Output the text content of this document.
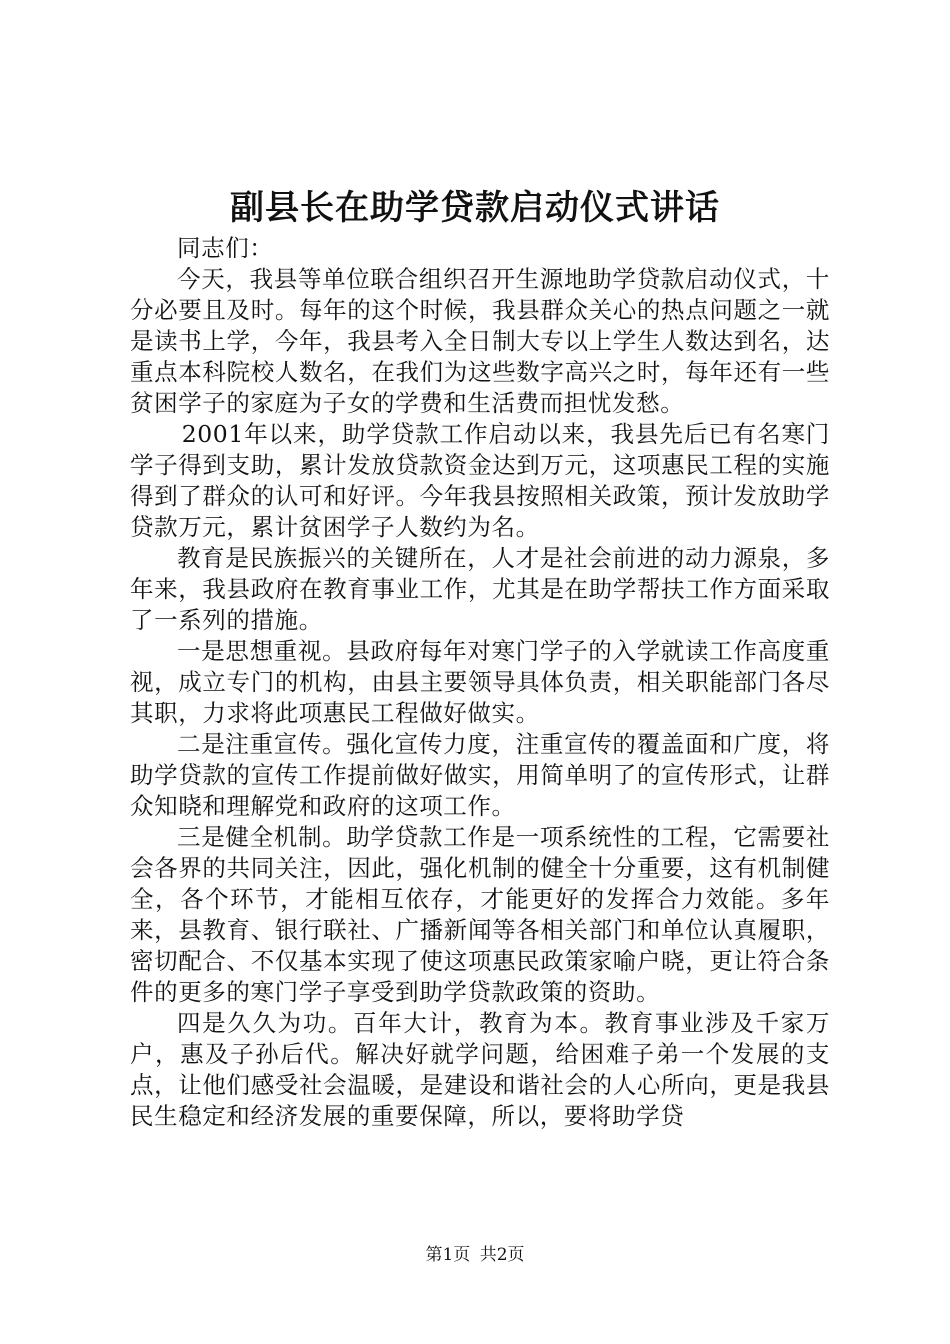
副县长在助学贷款启动仪式讲话

同志们：

今天，我县等单位联合组织召开生源地助学贷款启动仪式，十分必要且及时。每年的这个时候，我县群众关心的热点问题之一就是读书上学，今年，我县考入全日制大专以上学生人数达到名，达重点本科院校人数名，在我们为这些数字高兴之时，每年还有一些贫困学子的家庭为子女的学费和生活费而担忧发愁。

2001年以来，助学贷款工作启动以来，我县先后已有名寒门学子得到支助，累计发放贷款资金达到万元，这项惠民工程的实施得到了群众的认可和好评。今年我县按照相关政策，预计发放助学贷款万元，累计贫困学子人数约为名。

教育是民族振兴的关键所在，人才是社会前进的动力源泉，多年来，我县政府在教育事业工作，尤其是在助学帮扶工作方面采取了一系列的措施。

一是思想重视。县政府每年对寒门学子的入学就读工作高度重视，成立专门的机构，由县主要领导具体负责，相关职能部门各尽其职，力求将此项惠民工程做好做实。

二是注重宣传。强化宣传力度，注重宣传的覆盖面和广度，将助学贷款的宣传工作提前做好做实，用简单明了的宣传形式，让群众知晓和理解党和政府的这项工作。

三是健全机制。助学贷款工作是一项系统性的工程，它需要社会各界的共同关注，因此，强化机制的健全十分重要，这有机制健全，各个环节，才能相互依存，才能更好的发挥合力效能。多年来，县教育、银行联社、广播新闻等各相关部门和单位认真履职，密切配合、不仅基本实现了使这项惠民政策家喻户晓，更让符合条件的更多的寒门学子享受到助学贷款政策的资助。

四是久久为功。百年大计，教育为本。教育事业涉及千家万户，惠及子孙后代。解决好就学问题，给困难子弟一个发展的支点，让他们感受社会温暖，是建设和谐社会的人心所向，更是我县民生稳定和经济发展的重要保障，所以，要将助学贷

第1页 共2页
